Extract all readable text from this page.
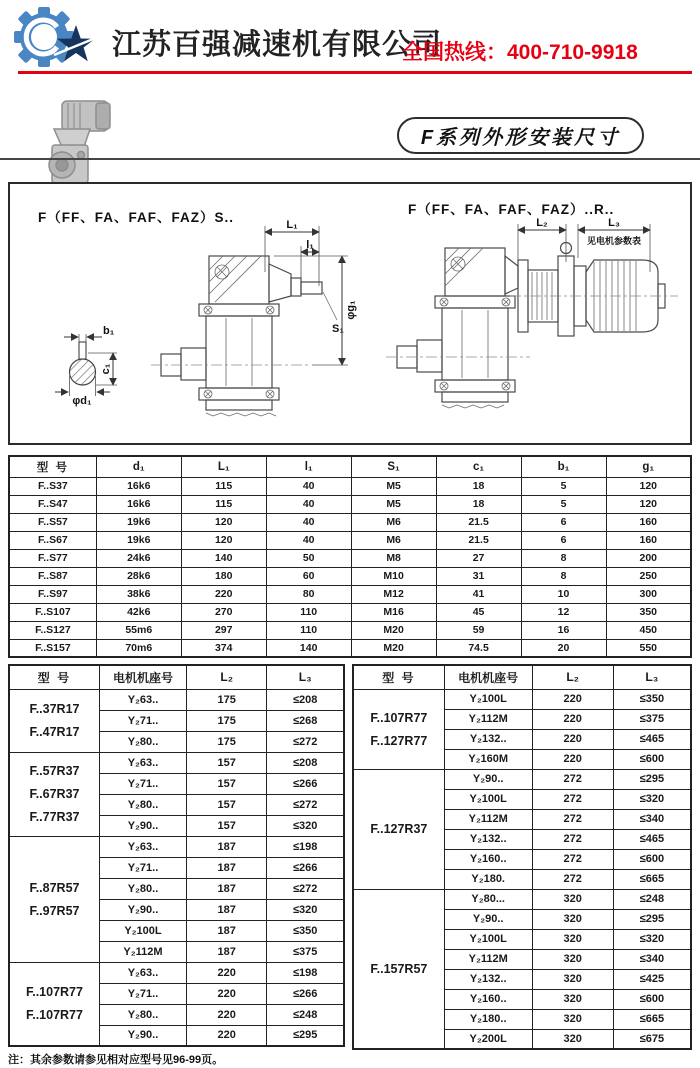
江苏百强减速机有限公司
全国热线：400-710-9918
F系列外形安装尺寸
F（FF、FA、FAF、FAZ）S..	L₁
l₁
φg₁
S₁
b₁
c₁
φd₁
F（FF、FA、FAF、FAZ）..R..
L₂	L₃
见电机参数表
型 号	d₁	L₁	l₁	S₁	c₁	b₁	g₁
F..S37	16k6	115	40	M5	18	5	120
F..S47	16k6	115	40	M5	18	5	120
F..S57	19k6	120	40	M6	21.5	6	160
F..S67	19k6	120	40	M6	21.5	6	160
F..S77	24k6	140	50	M8	27	8	200
F..S87	28k6	180	60	M10	31	8	250
F..S97	38k6	220	80	M12	41	10	300
F..S107	42k6	270	110	M16	45	12	350
F..S127	55m6	297	110	M20	59	16	450
F..S157	70m6	374	140	M20	74.5	20	550
型 号	电机机座号	L₂	L₃

F..37R17
F..47R17	Y₂63..	175	≤208
	Y₂71..	175	≤268
	Y₂80..	175	≤272

F..57R37
F..67R37
F..77R37	Y₂63..	157	≤208
	Y₂71..	157	≤266
	Y₂80..	157	≤272
	Y₂90..	157	≤320

F..87R57
F..97R57	Y₂63..	187	≤198
	Y₂71..	187	≤266
	Y₂80..	187	≤272
	Y₂90..	187	≤320
	Y₂100L	187	≤350
	Y₂112M	187	≤375

F..107R77
F..107R77	Y₂63..	220	≤198
	Y₂71..	220	≤266
	Y₂80..	220	≤248
	Y₂90..	220	≤295
型 号	电机机座号	L₂	L₃

F..107R77
F..127R77	Y₂100L	220	≤350
	Y₂112M	220	≤375
	Y₂132..	220	≤465
	Y₂160M	220	≤600

F..127R37	Y₂90..	272	≤295
	Y₂100L	272	≤320
	Y₂112M	272	≤340
	Y₂132..	272	≤465
	Y₂160..	272	≤600
	Y₂180.	272	≤665

F..157R57	Y₂80...	320	≤248
	Y₂90..	320	≤295
	Y₂100L	320	≤320
	Y₂112M	320	≤340
	Y₂132..	320	≤425
	Y₂160..	320	≤600
	Y₂180..	320	≤665
	Y₂200L	320	≤675
注：其余参数请参见相对应型号见96-99页。
